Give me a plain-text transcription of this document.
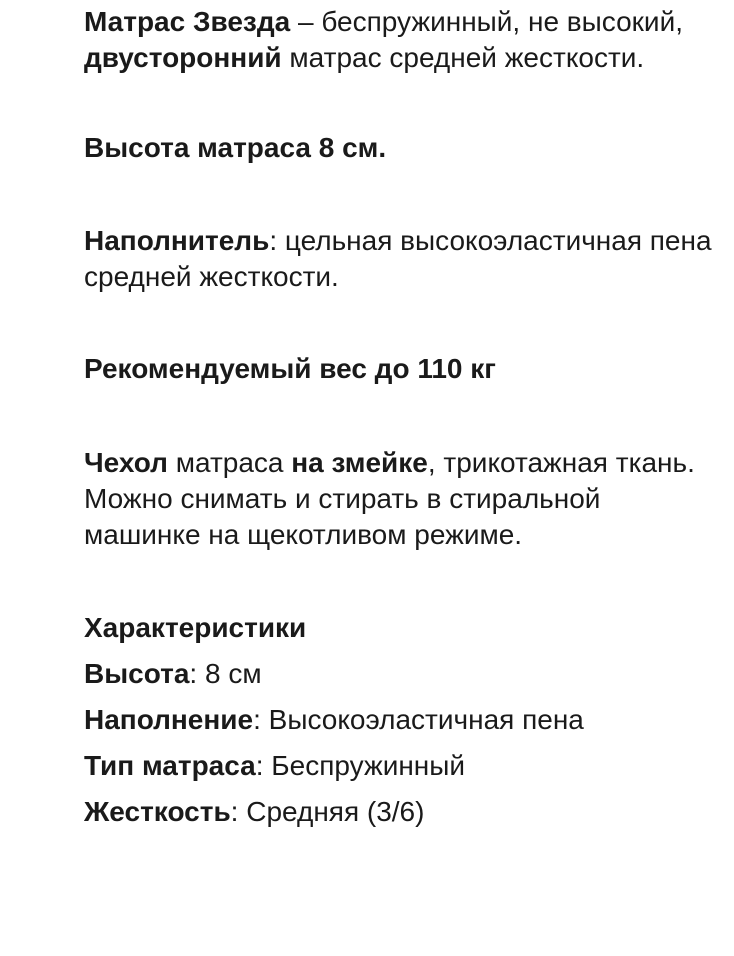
Матрас Звезда – беспружинный, не высокий, двусторонний матрас средней жесткости.

Высота матраса 8 см.

Наполнитель: цельная высокоэластичная пена средней жесткости.

Рекомендуемый вес до 110 кг

Чехол матраса на змейке, трикотажная ткань. Можно снимать и стирать в стиральной машинке на щекотливом режиме.

Характеристики

Высота: 8 см

Наполнение: Высокоэластичная пена

Тип матраса: Беспружинный

Жесткость: Средняя (3/6)
